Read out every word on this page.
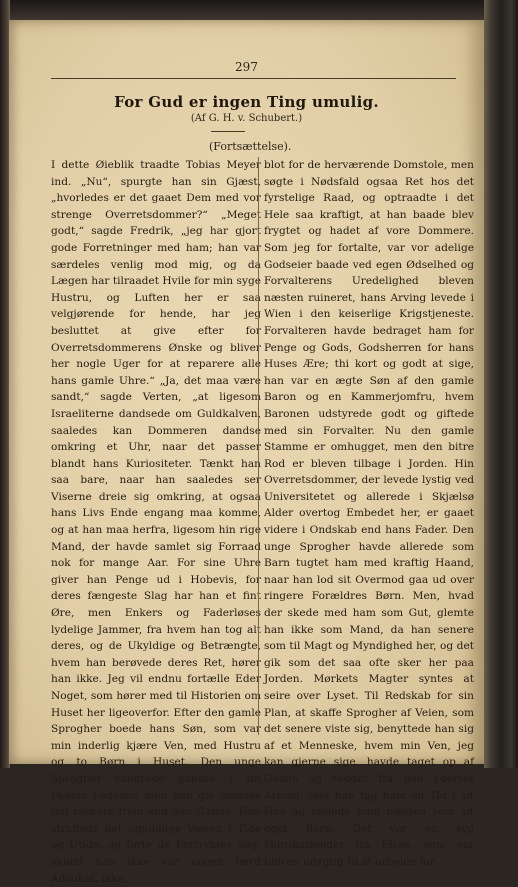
297
For Gud er ingen Ting umulig.
(Af G. H. v. Schubert.)
(Fortsættelse).

I dette Øieblik traadte Tobias Meyer ind. „Nu“, spurgte han sin Gjæst, „hvorledes er det gaaet Dem med vor strenge Overretsdommer?“ „Meget godt,“ sagde Fredrik, „jeg har gjort gode Forretninger med ham; han var særdeles venlig mod mig, og da Lægen har tilraadet Hvile for min syge Hustru, og Luften her er saa velgjørende for hende, har jeg besluttet at give efter for Overretsdommerens Ønske og bliver her nogle Uger for at reparere alle hans gamle Uhre.“ „Ja, det maa være sandt,“ sagde Verten, „at ligesom Israeliterne dandsede om Guldkalven, saaledes kan Dommeren dandse omkring et Uhr, naar det passer blandt hans Kuriositeter. Tænkt han saa bare, naar han saaledes ser Viserne dreie sig omkring, at ogsaa hans Livs Ende engang maa komme, og at han maa herfra, ligesom hin rige Mand, der havde samlet sig Forraad nok for mange Aar. For sine Uhre giver han Penge ud i Hobevis, for deres fængeste Slag har han et fint Øre, men Enkers og Faderløses lydelige Jammer, fra hvem han tog alt deres, og de Ukyldige og Betrængte, hvem han berøvede deres Ret, hører han ikke. Jeg vil endnu fortælle Eder Noget, som hører med til Historien om Huset her ligeoverfor. Efter den gamle Sprogher boede hans Søn, som var min inderlig kjære Ven, med Hustru og to Børn i Huset. Den unge Sprogher vandrede ganske i sin Faders Fodspor, men han gik maaske lidt raskere frem end den Gamle. Han straffede det ugudelige Væsen i Tide og Utide, og førte de Fortryktes Sag, skjønt han ikke var nogen lærd Advokat, ikke

blot for de herværende Domstole, men søgte i Nødsfald ogsaa Ret hos det fyrstelige Raad, og optraadte i det Hele saa kraftigt, at han baade blev frygtet og hadet af vore Dommere. Som jeg for fortalte, var vor adelige Godseier baade ved egen Ødselhed og Forvalterens Uredelighed bleven næsten ruineret, hans Arving levede i Wien i den keiserlige Krigstjeneste. Forvalteren havde bedraget ham for Penge og Gods, Godsherren for hans Huses Ære; thi kort og godt at sige, han var en ægte Søn af den gamle Baron og en Kammerjomfru, hvem Baronen udstyrede godt og giftede med sin Forvalter. Nu den gamle Stamme er omhugget, men den bitre Rod er bleven tilbage i Jorden. Hin Overretsdommer, der levede lystig ved Universitetet og allerede i Skjælsø Alder overtog Embedet her, er gaaet videre i Ondskab end hans Fader. Den unge Sprogher havde allerede som Barn tugtet ham med kraftig Haand, naar han lod sit Overmod gaa ud over ringere Forældres Børn. Men, hvad der skede med ham som Gut, glemte han ikke som Mand, da han senere som til Magt og Myndighed her, og det gik som det saa ofte sker her paa Jorden. Mørkets Magter syntes at seire over Lyset. Til Redskab for sin Plan, at skaffe Sprogher af Veien, som det senere viste sig, benyttede han sig af et Menneske, hvem min Ven, jeg kan gjerne sige, havde taget op af Gaden og reddet fra den yderste Armod, idet han tog ham en Tid i sit Hus og pleiede ham næsten som sit eget Barn. Det var en syg Fabrikarbeider fra Elsas, som var bleven udygtig til at arbeide for
